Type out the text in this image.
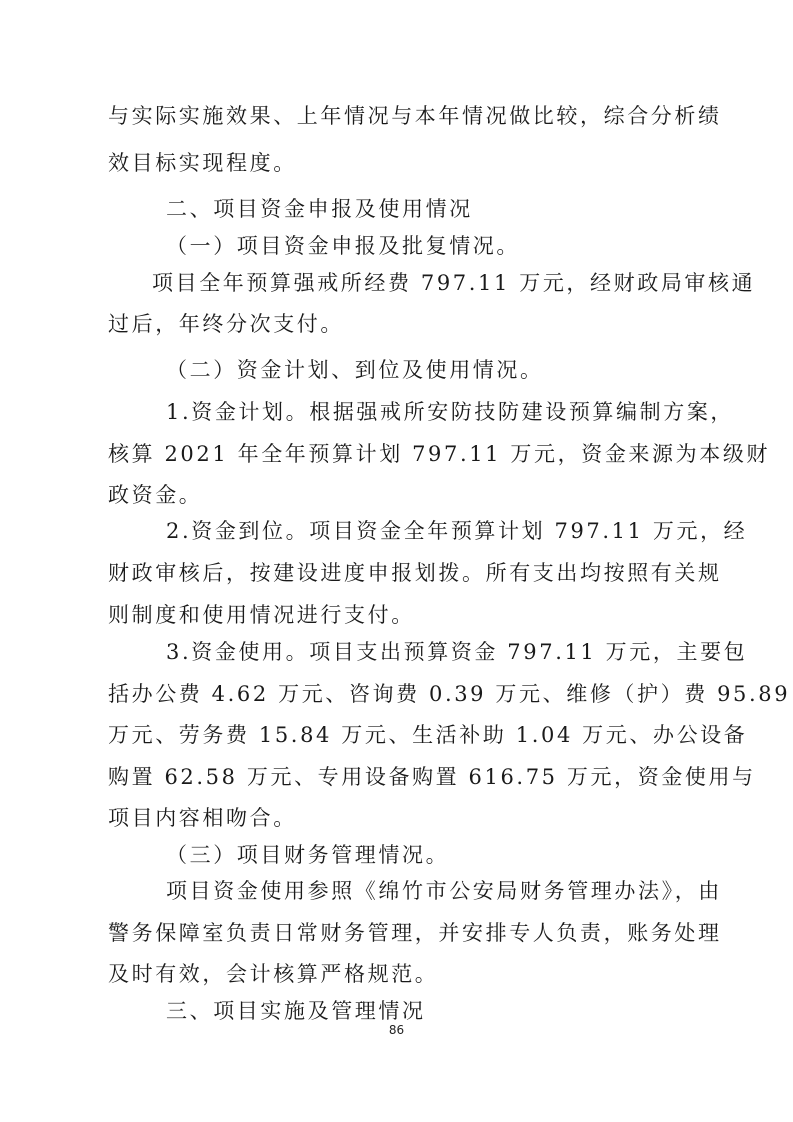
与实际实施效果、上年情况与本年情况做比较，综合分析绩
效目标实现程度。
二、项目资金申报及使用情况
（一）项目资金申报及批复情况。
项目全年预算强戒所经费 797.11 万元，经财政局审核通
过后，年终分次支付。
（二）资金计划、到位及使用情况。
1.资金计划。根据强戒所安防技防建设预算编制方案，
核算 2021 年全年预算计划 797.11 万元，资金来源为本级财
政资金。
2.资金到位。项目资金全年预算计划 797.11 万元，经
财政审核后，按建设进度申报划拨。所有支出均按照有关规
则制度和使用情况进行支付。
3.资金使用。项目支出预算资金 797.11 万元，主要包
括办公费 4.62 万元、咨询费 0.39 万元、维修（护）费 95.89
万元、劳务费 15.84 万元、生活补助 1.04 万元、办公设备
购置 62.58 万元、专用设备购置 616.75 万元，资金使用与
项目内容相吻合。
（三）项目财务管理情况。
项目资金使用参照《绵竹市公安局财务管理办法》，由
警务保障室负责日常财务管理，并安排专人负责，账务处理
及时有效，会计核算严格规范。
三、项目实施及管理情况
86
